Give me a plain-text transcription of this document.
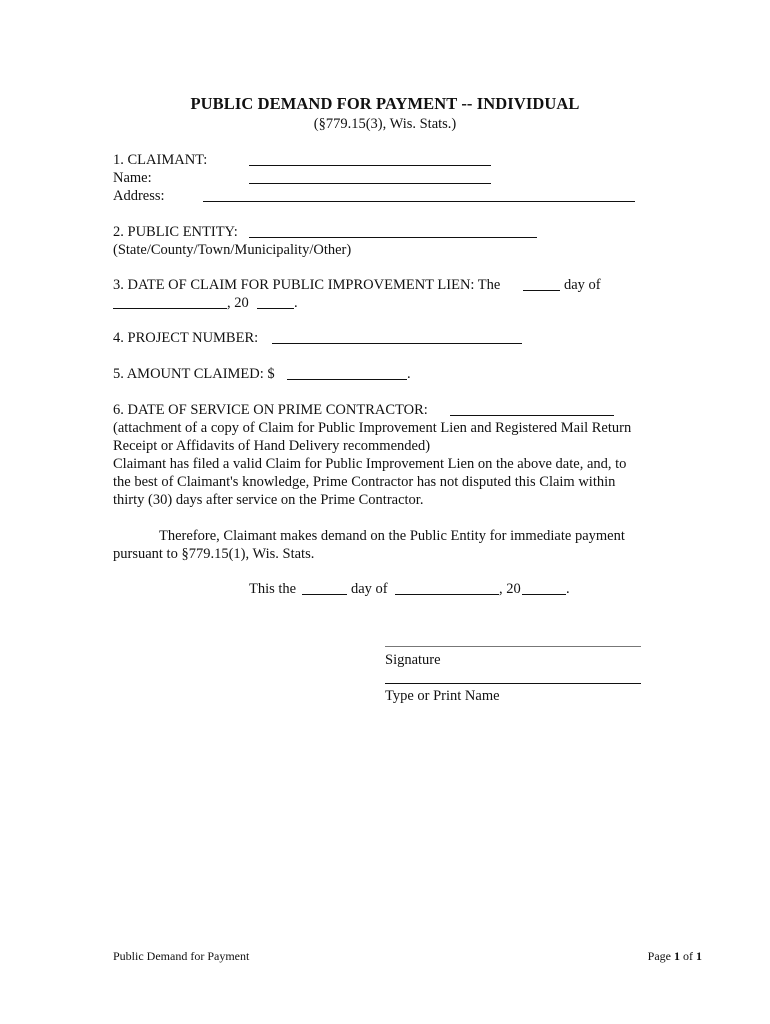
PUBLIC DEMAND FOR PAYMENT -- INDIVIDUAL
(§779.15(3), Wis. Stats.)
1. CLAIMANT:
Name:
Address:
2. PUBLIC ENTITY:
(State/County/Town/Municipality/Other)
3. DATE OF CLAIM FOR PUBLIC IMPROVEMENT LIEN: The	day of
, 20	.
4. PROJECT NUMBER:
5. AMOUNT CLAIMED: $	.
6. DATE OF SERVICE ON PRIME CONTRACTOR:
(attachment of a copy of Claim for Public Improvement Lien and Registered Mail Return
Receipt or Affidavits of Hand Delivery recommended)
Claimant has filed a valid Claim for Public Improvement Lien on the above date, and, to
the best of Claimant's knowledge, Prime Contractor has not disputed this Claim within
thirty (30) days after service on the Prime Contractor.
Therefore, Claimant makes demand on the Public Entity for immediate payment
pursuant to §779.15(1), Wis. Stats.
This the	day of	, 20	.
Signature
Type or Print Name
Public Demand for Payment	Page 1 of 1
